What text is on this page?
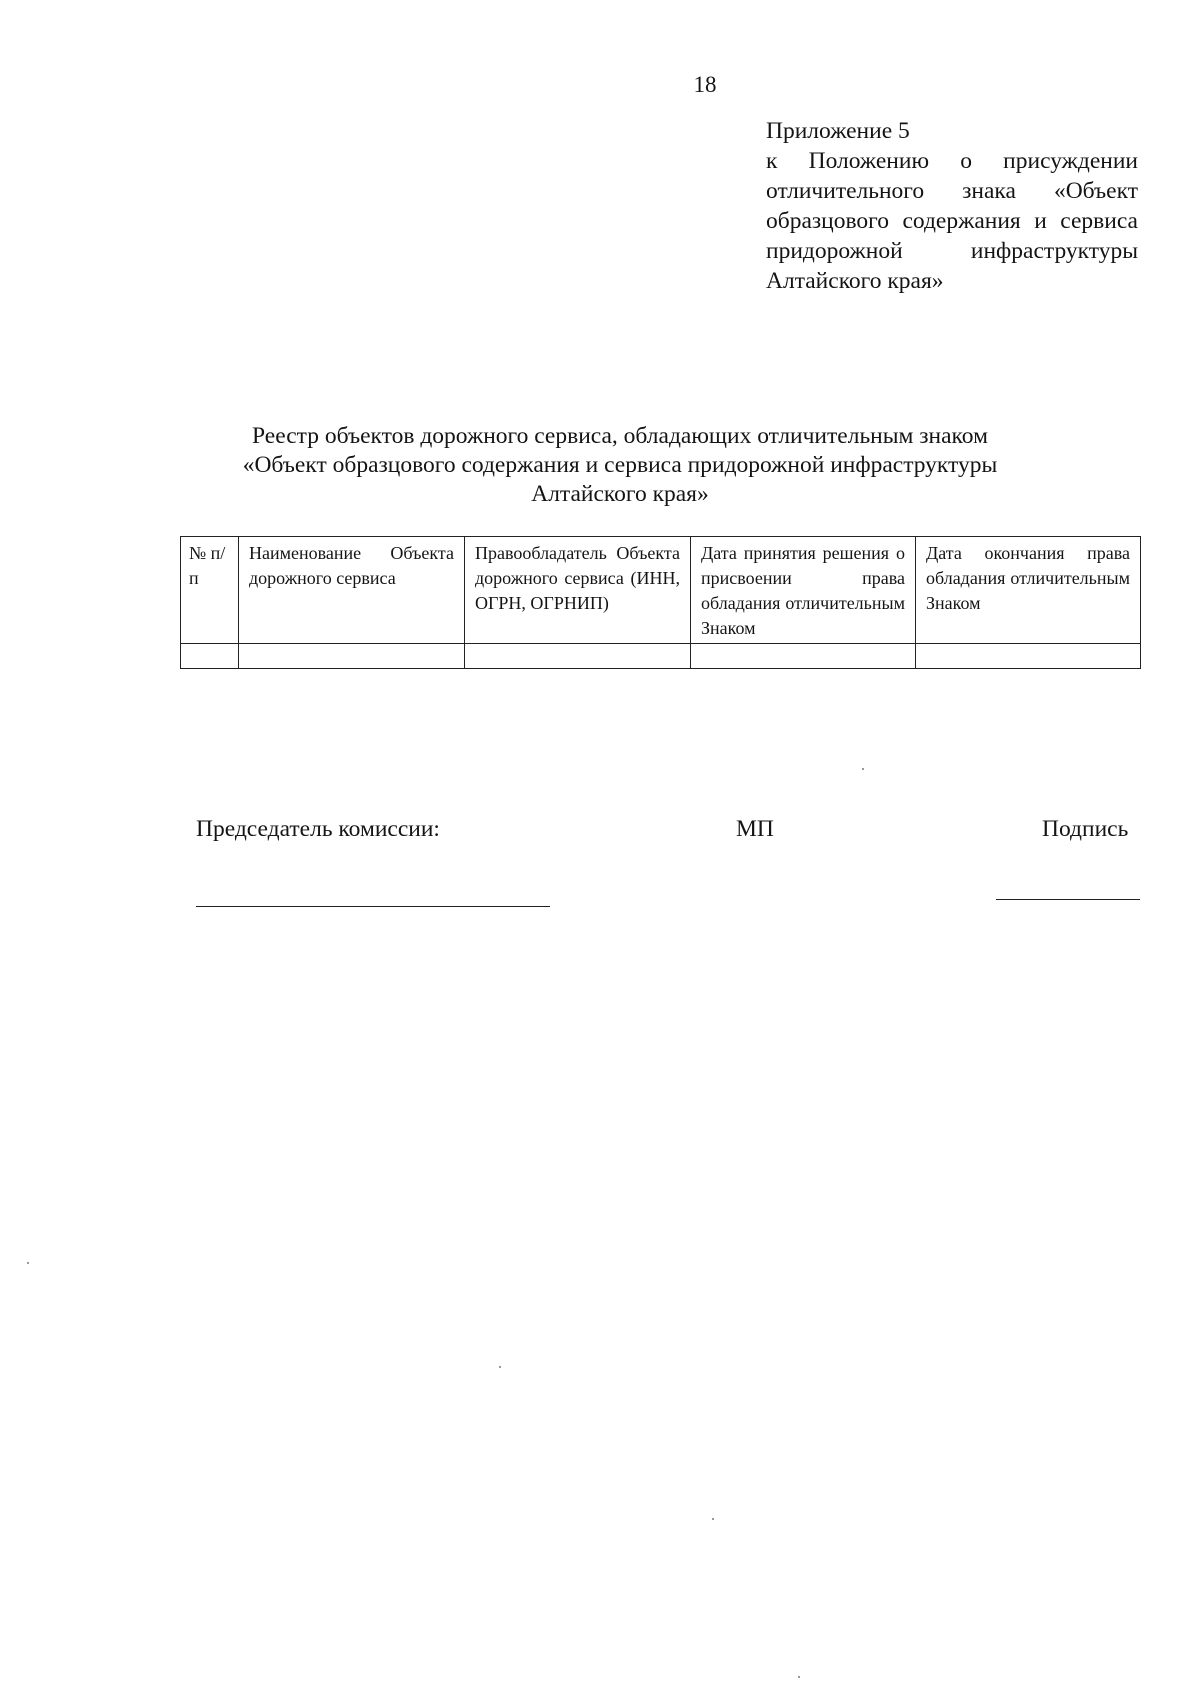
18
Приложение 5
к Положению о присуждении отличительного знака «Объект образцового содержания и сервиса придорожной инфраструктуры Алтайского края»
Реестр объектов дорожного сервиса, обладающих отличительным знаком
«Объект образцового содержания и сервиса придорожной инфраструктуры
Алтайского края»
№ п/п	Наименование Объекта дорожного сервиса	Правообладатель Объекта дорожного сервиса (ИНН, ОГРН, ОГРНИП)	Дата принятия решения о присвоении права обладания отличительным Знаком	Дата окончания права обладания отличительным Знаком

Председатель комиссии:	МП	Подпись
